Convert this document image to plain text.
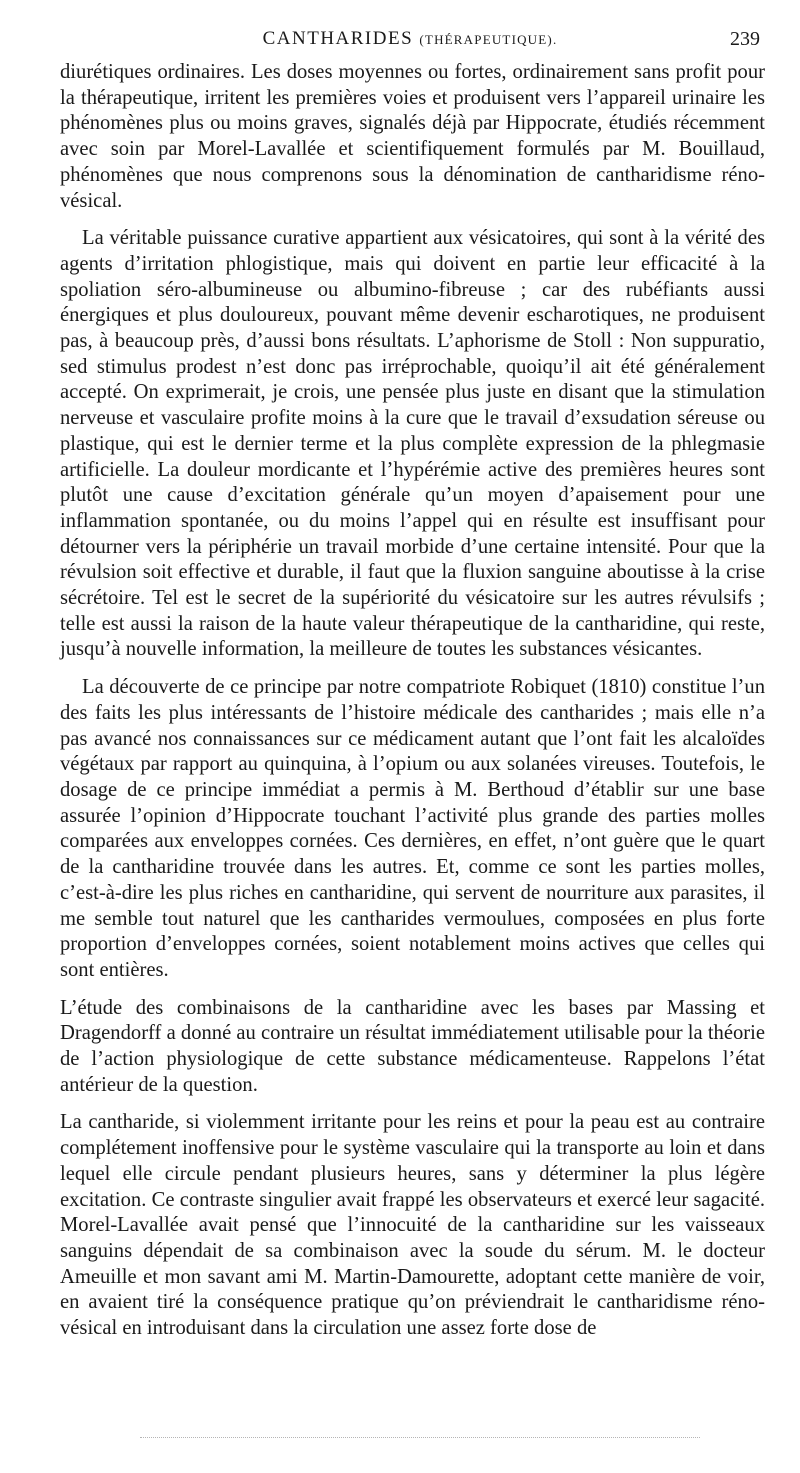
CANTHARIDES (THÉRAPEUTIQUE).	239

diurétiques ordinaires. Les doses moyennes ou fortes, ordinairement sans profit pour la thérapeutique, irritent les premières voies et produisent vers l’appareil urinaire les phénomènes plus ou moins graves, signalés déjà par Hippocrate, étudiés récemment avec soin par Morel-Lavallée et scientifiquement formulés par M. Bouillaud, phénomènes que nous comprenons sous la dénomination de cantharidisme réno-vésical.

La véritable puissance curative appartient aux vésicatoires, qui sont à la vérité des agents d’irritation phlogistique, mais qui doivent en partie leur efficacité à la spoliation séro-albumineuse ou albumino-fibreuse ; car des rubéfiants aussi énergiques et plus douloureux, pouvant même devenir escharotiques, ne produisent pas, à beaucoup près, d’aussi bons résultats. L’aphorisme de Stoll : Non suppuratio, sed stimulus prodest n’est donc pas irréprochable, quoiqu’il ait été généralement accepté. On exprimerait, je crois, une pensée plus juste en disant que la stimulation nerveuse et vasculaire profite moins à la cure que le travail d’exsudation séreuse ou plastique, qui est le dernier terme et la plus complète expression de la phlegmasie artificielle. La douleur mordicante et l’hypérémie active des premières heures sont plutôt une cause d’excitation générale qu’un moyen d’apaisement pour une inflammation spontanée, ou du moins l’appel qui en résulte est insuffisant pour détourner vers la périphérie un travail morbide d’une certaine intensité. Pour que la révulsion soit effective et durable, il faut que la fluxion sanguine aboutisse à la crise sécrétoire. Tel est le secret de la supériorité du vésicatoire sur les autres révulsifs ; telle est aussi la raison de la haute valeur thérapeutique de la cantharidine, qui reste, jusqu’à nouvelle information, la meilleure de toutes les substances vésicantes.

La découverte de ce principe par notre compatriote Robiquet (1810) constitue l’un des faits les plus intéressants de l’histoire médicale des cantharides ; mais elle n’a pas avancé nos connaissances sur ce médicament autant que l’ont fait les alcaloïdes végétaux par rapport au quinquina, à l’opium ou aux solanées vireuses. Toutefois, le dosage de ce principe immédiat a permis à M. Berthoud d’établir sur une base assurée l’opinion d’Hippocrate touchant l’activité plus grande des parties molles comparées aux enveloppes cornées. Ces dernières, en effet, n’ont guère que le quart de la cantharidine trouvée dans les autres. Et, comme ce sont les parties molles, c’est-à-dire les plus riches en cantharidine, qui servent de nourriture aux parasites, il me semble tout naturel que les cantharides vermoulues, composées en plus forte proportion d’enveloppes cornées, soient notablement moins actives que celles qui sont entières.

L’étude des combinaisons de la cantharidine avec les bases par Massing et Dragendorff a donné au contraire un résultat immédiatement utilisable pour la théorie de l’action physiologique de cette substance médicamenteuse. Rappelons l’état antérieur de la question.

La cantharide, si violemment irritante pour les reins et pour la peau est au contraire complétement inoffensive pour le système vasculaire qui la transporte au loin et dans lequel elle circule pendant plusieurs heures, sans y déterminer la plus légère excitation. Ce contraste singulier avait frappé les observateurs et exercé leur sagacité. Morel-Lavallée avait pensé que l’innocuité de la cantharidine sur les vaisseaux sanguins dépendait de sa combinaison avec la soude du sérum. M. le docteur Ameuille et mon savant ami M. Martin-Damourette, adoptant cette manière de voir, en avaient tiré la conséquence pratique qu’on préviendrait le cantharidisme réno-vésical en introduisant dans la circulation une assez forte dose de
